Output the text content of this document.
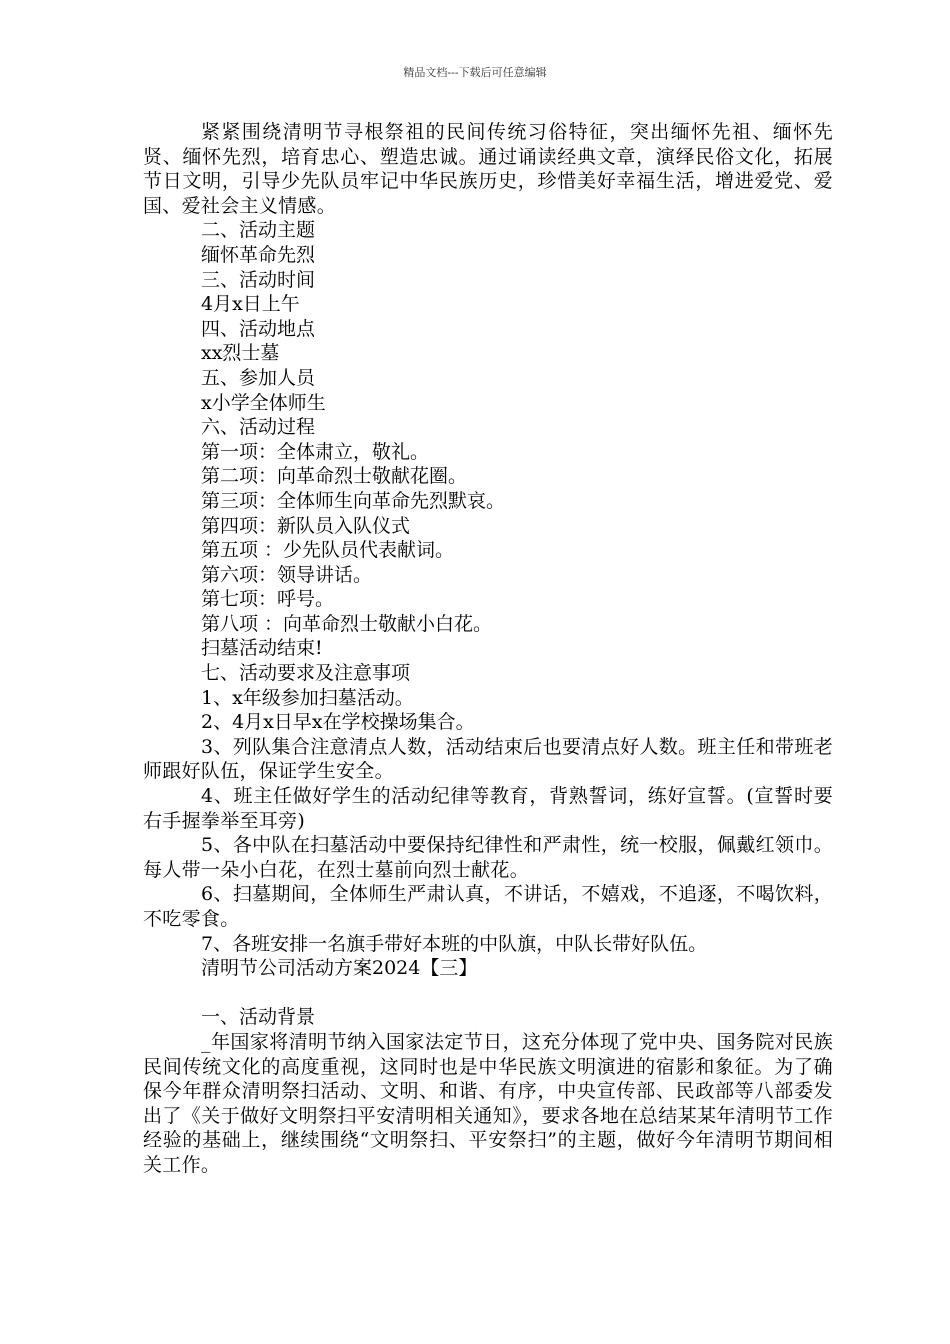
精品文档---下载后可任意编辑

紧紧围绕清明节寻根祭祖的民间传统习俗特征，突出缅怀先祖、缅怀先贤、缅怀先烈，培育忠心、塑造忠诚。通过诵读经典文章，演绎民俗文化，拓展节日文明，引导少先队员牢记中华民族历史，珍惜美好幸福生活，增进爱党、爱国、爱社会主义情感。

二、活动主题

缅怀革命先烈

三、活动时间

4月x日上午

四、活动地点

xx烈士墓

五、参加人员

x小学全体师生

六、活动过程

第一项：全体肃立，敬礼。

第二项：向革命烈士敬献花圈。

第三项：全体师生向革命先烈默哀。

第四项：新队员入队仪式

第五项 ：少先队员代表献词。

第六项：领导讲话。

第七项：呼号。

第八项 ：向革命烈士敬献小白花。

扫墓活动结束!

七、活动要求及注意事项

1、x年级参加扫墓活动。

2、4月x日早x在学校操场集合。

3、列队集合注意清点人数，活动结束后也要清点好人数。班主任和带班老师跟好队伍，保证学生安全。

4、班主任做好学生的活动纪律等教育，背熟誓词，练好宣誓。(宣誓时要右手握拳举至耳旁)

5、各中队在扫墓活动中要保持纪律性和严肃性，统一校服，佩戴红领巾。每人带一朵小白花，在烈士墓前向烈士献花。

6、扫墓期间，全体师生严肃认真，不讲话，不嬉戏，不追逐，不喝饮料，不吃零食。

7、各班安排一名旗手带好本班的中队旗，中队长带好队伍。

清明节公司活动方案2024【三】

一、活动背景

_年国家将清明节纳入国家法定节日，这充分体现了党中央、国务院对民族民间传统文化的高度重视，这同时也是中华民族文明演进的宿影和象征。为了确保今年群众清明祭扫活动、文明、和谐、有序，中央宣传部、民政部等八部委发出了《关于做好文明祭扫平安清明相关通知》，要求各地在总结某某年清明节工作经验的基础上，继续围绕“文明祭扫、平安祭扫”的主题，做好今年清明节期间相关工作。
